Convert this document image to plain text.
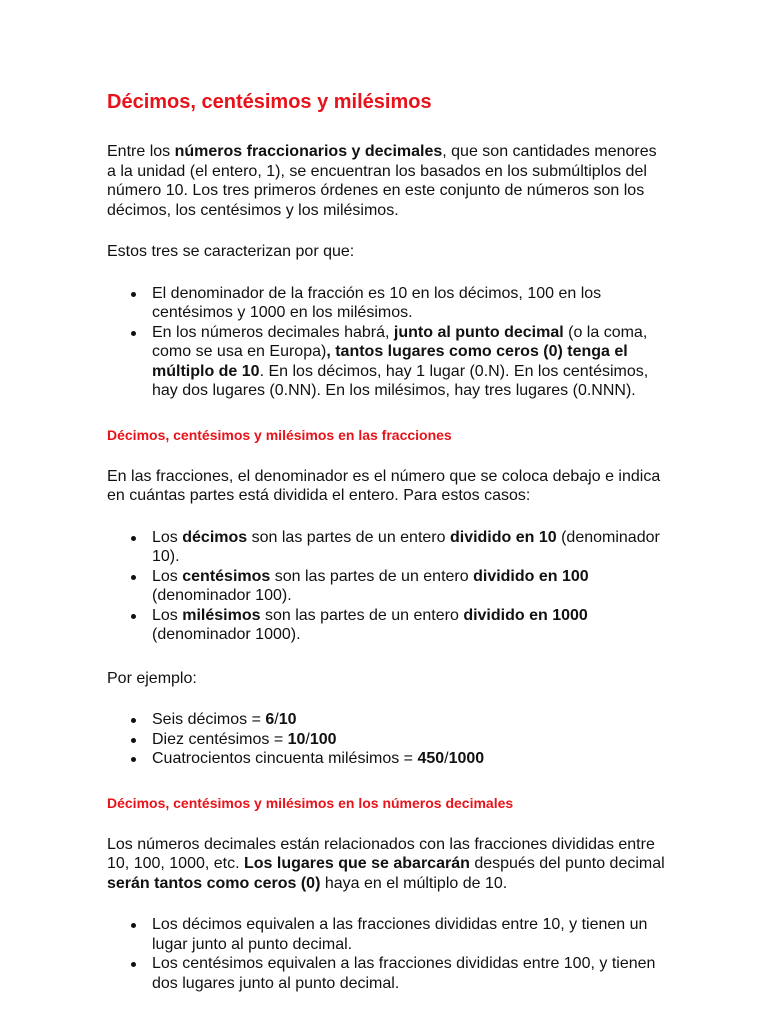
Décimos, centésimos y milésimos

Entre los números fraccionarios y decimales, que son cantidades menores a la unidad (el entero, 1), se encuentran los basados en los submúltiplos del número 10. Los tres primeros órdenes en este conjunto de números son los décimos, los centésimos y los milésimos.

Estos tres se caracterizan por que:

El denominador de la fracción es 10 en los décimos, 100 en los centésimos y 1000 en los milésimos.
En los números decimales habrá, junto al punto decimal (o la coma, como se usa en Europa), tantos lugares como ceros (0) tenga el múltiplo de 10. En los décimos, hay 1 lugar (0.N). En los centésimos, hay dos lugares (0.NN). En los milésimos, hay tres lugares (0.NNN).
Décimos, centésimos y milésimos en las fracciones

En las fracciones, el denominador es el número que se coloca debajo e indica en cuántas partes está dividida el entero. Para estos casos:

Los décimos son las partes de un entero dividido en 10 (denominador 10).
Los centésimos son las partes de un entero dividido en 100 (denominador 100).
Los milésimos son las partes de un entero dividido en 1000 (denominador 1000).

Por ejemplo:

Seis décimos = 6/10
Diez centésimos = 10/100
Cuatrocientos cincuenta milésimos = 450/1000
Décimos, centésimos y milésimos en los números decimales

Los números decimales están relacionados con las fracciones divididas entre 10, 100, 1000, etc. Los lugares que se abarcarán después del punto decimal serán tantos como ceros (0) haya en el múltiplo de 10.

Los décimos equivalen a las fracciones divididas entre 10, y tienen un lugar junto al punto decimal.
Los centésimos equivalen a las fracciones divididas entre 100, y tienen dos lugares junto al punto decimal.
